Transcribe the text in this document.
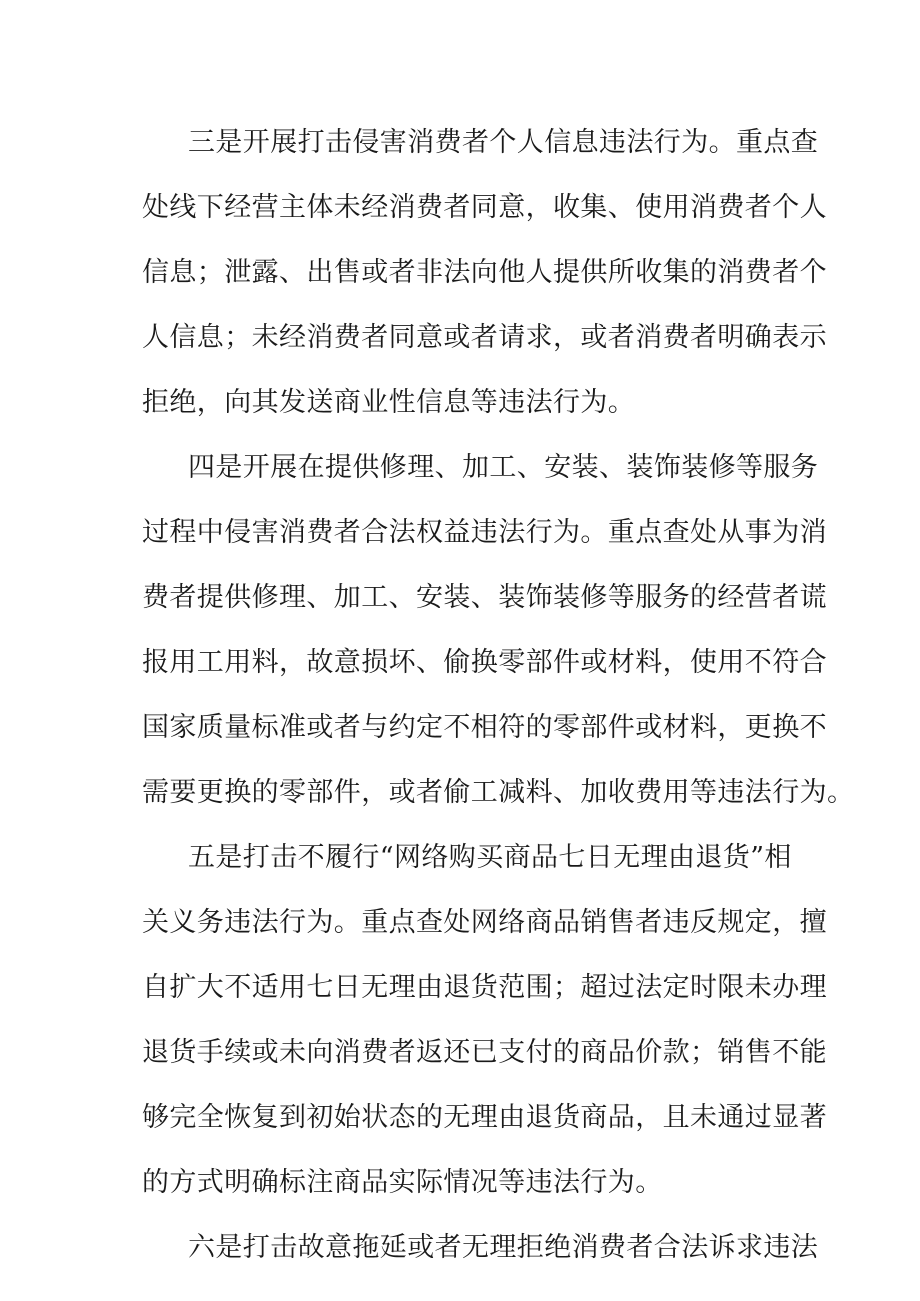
三是开展打击侵害消费者个人信息违法行为。重点查
处线下经营主体未经消费者同意，收集、使用消费者个人
信息；泄露、出售或者非法向他人提供所收集的消费者个
人信息；未经消费者同意或者请求，或者消费者明确表示
拒绝，向其发送商业性信息等违法行为。
四是开展在提供修理、加工、安装、装饰装修等服务
过程中侵害消费者合法权益违法行为。重点查处从事为消
费者提供修理、加工、安装、装饰装修等服务的经营者谎
报用工用料，故意损坏、偷换零部件或材料，使用不符合
国家质量标准或者与约定不相符的零部件或材料，更换不
需要更换的零部件，或者偷工减料、加收费用等违法行为。
五是打击不履行“网络购买商品七日无理由退货”相
关义务违法行为。重点查处网络商品销售者违反规定，擅
自扩大不适用七日无理由退货范围；超过法定时限未办理
退货手续或未向消费者返还已支付的商品价款；销售不能
够完全恢复到初始状态的无理由退货商品，且未通过显著
的方式明确标注商品实际情况等违法行为。
六是打击故意拖延或者无理拒绝消费者合法诉求违法
